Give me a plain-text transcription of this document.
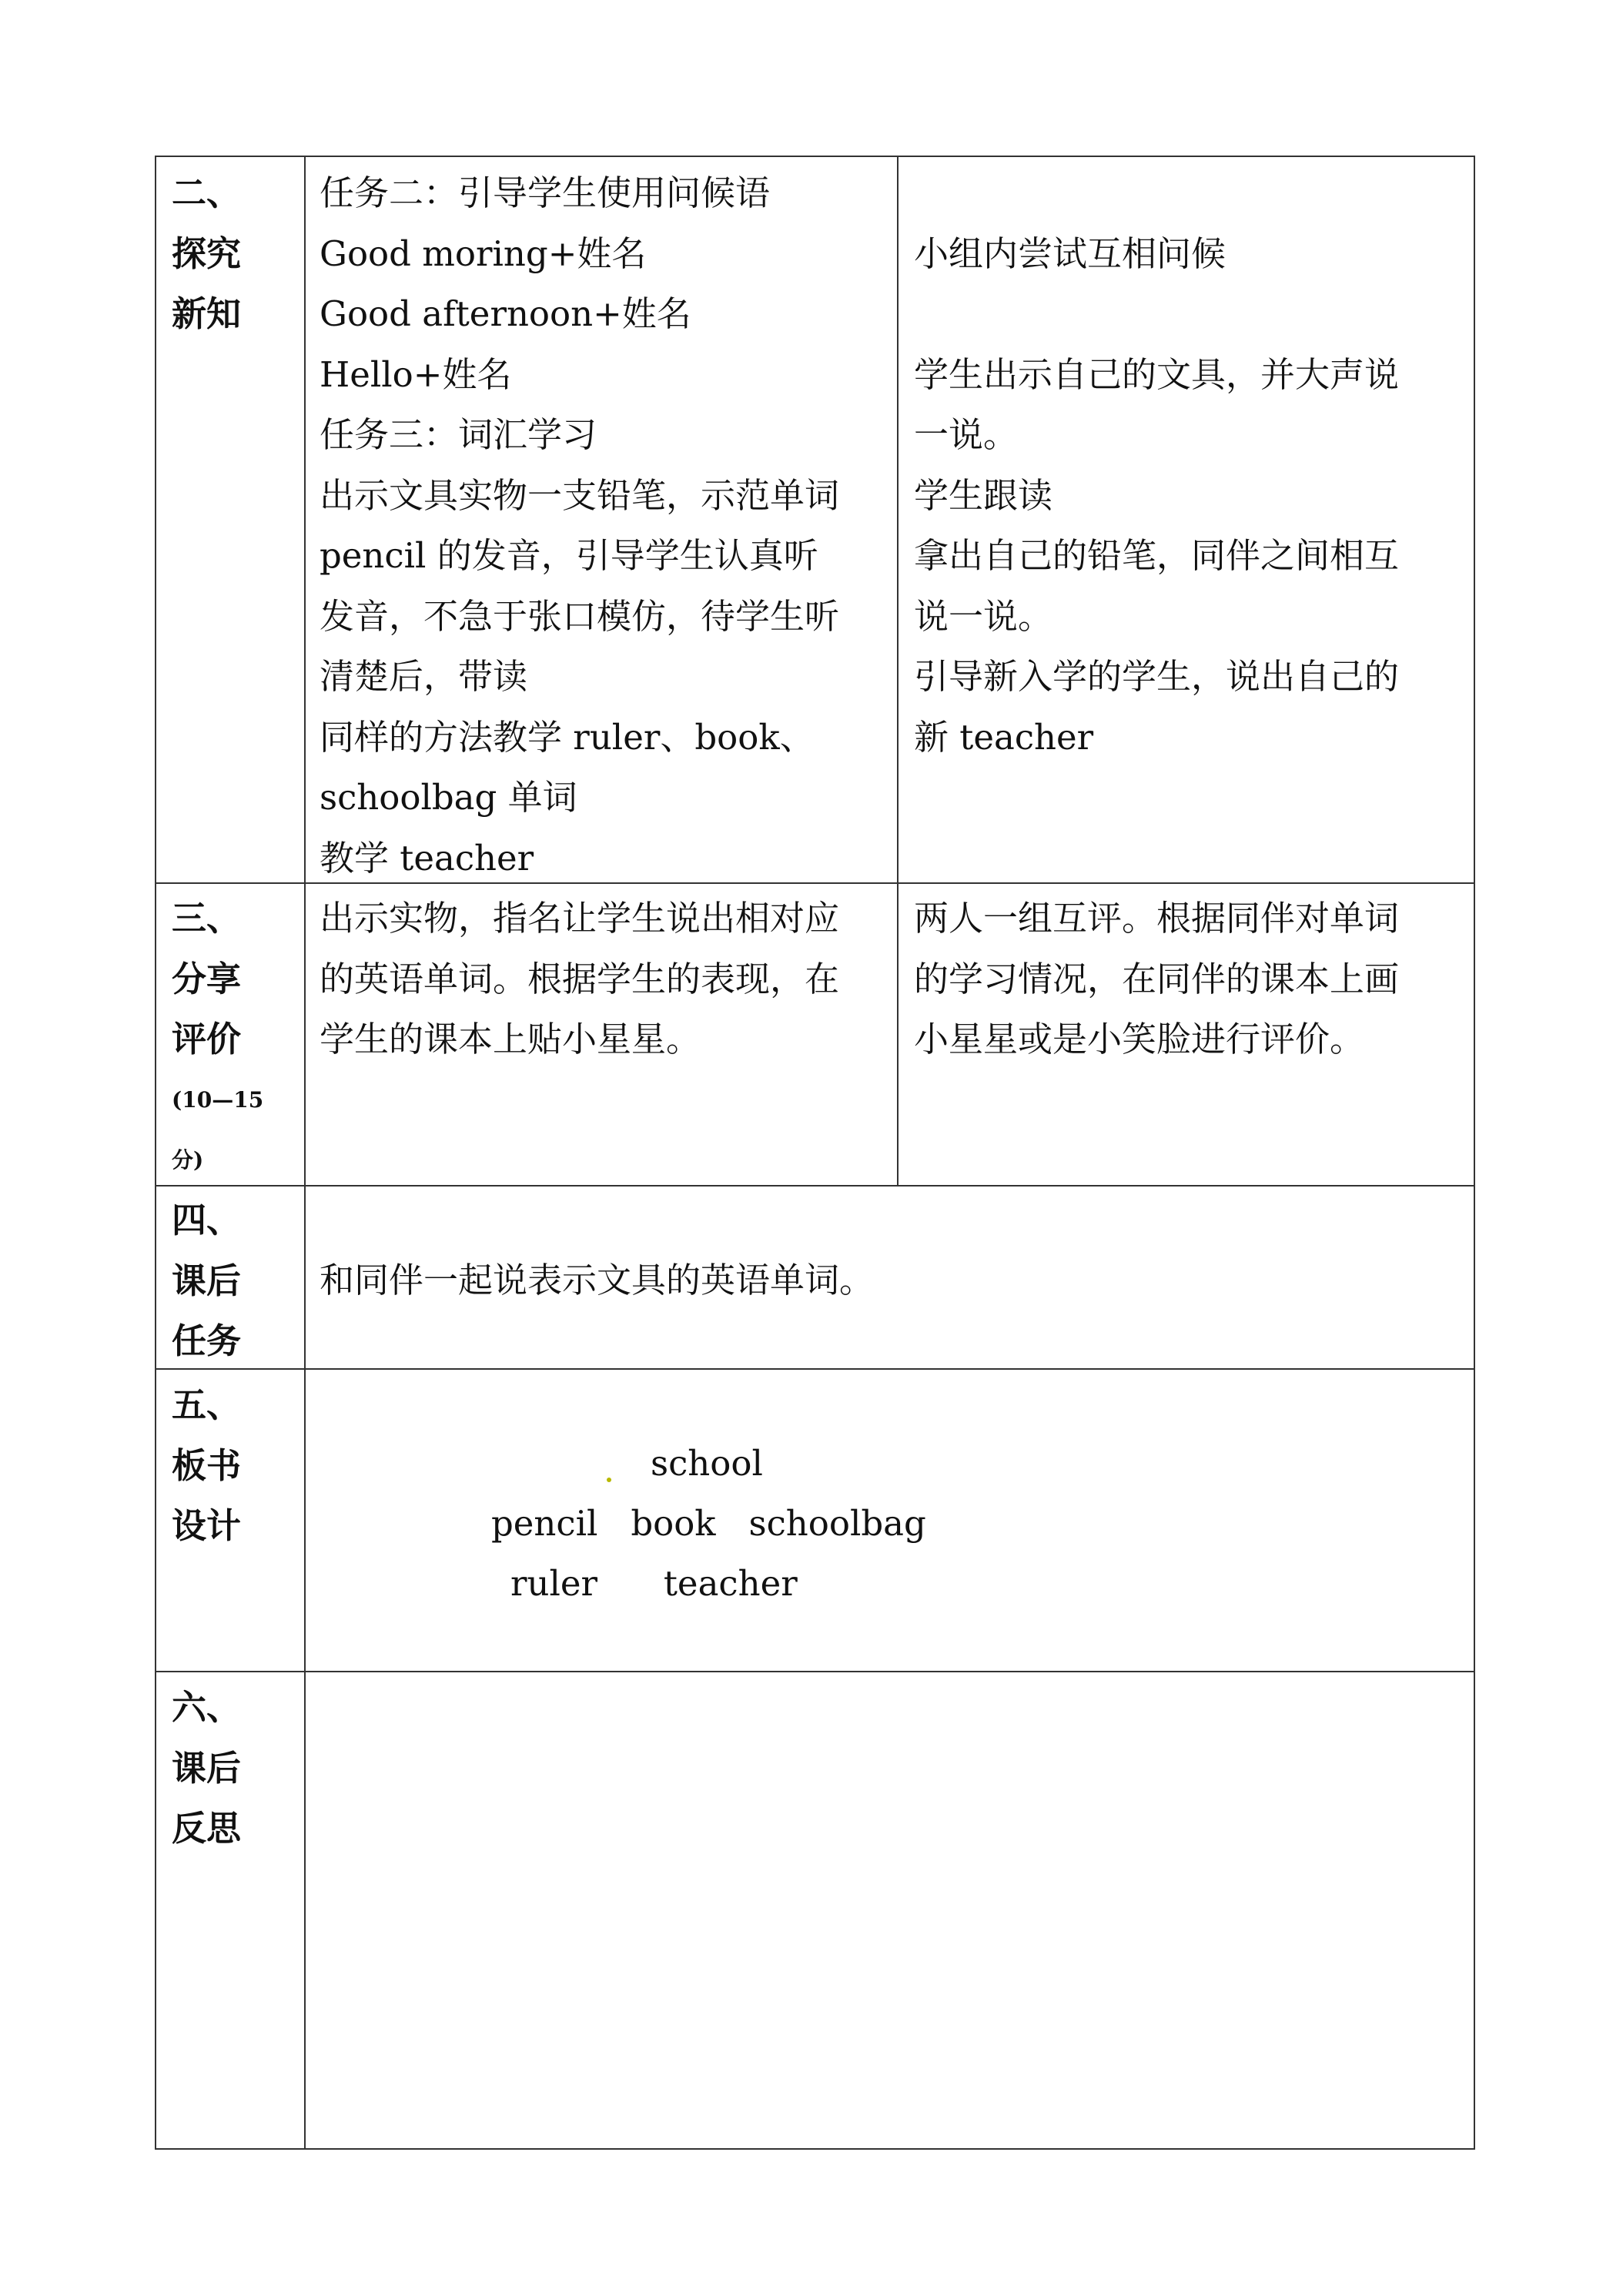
二、
探究
新知
任务二：引导学生使用问候语
Good moring+姓名
Good afternoon+姓名
Hello+姓名
任务三：词汇学习
出示文具实物一支铅笔，示范单词
pencil 的发音，引导学生认真听
发音，不急于张口模仿，待学生听
清楚后，带读
同样的方法教学 ruler、book、
schoolbag 单词
教学 teacher
小组内尝试互相问候
学生出示自己的文具，并大声说
一说。
学生跟读
拿出自己的铅笔，同伴之间相互
说一说。
引导新入学的学生，说出自己的
新 teacher
三、
分享
评价
(10—15
分)
出示实物，指名让学生说出相对应
的英语单词。根据学生的表现，在
学生的课本上贴小星星。
两人一组互评。根据同伴对单词
的学习情况，在同伴的课本上画
小星星或是小笑脸进行评价。
四、
课后
任务
和同伴一起说表示文具的英语单词。
五、
板书
设计
school
pencil   book   schoolbag
ruler      teacher
六、
课后
反思
